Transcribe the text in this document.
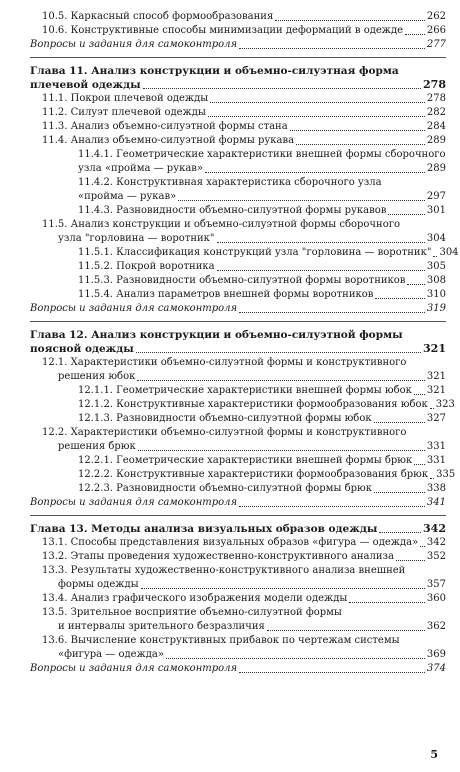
10.5. Каркасный способ формообразования	262
10.6. Конструктивные способы минимизации деформаций в одежде 266
Вопросы и задания для самоконтроля	277
Глава 11. Анализ конструкции и объемно-силуэтная форма
плечевой одежды	278
11.1. Покрои плечевой одежды	278
11.2. Силуэт плечевой одежды	282
11.3. Анализ объемно-силуэтной формы стана	284
11.4. Анализ объемно-силуэтной формы рукава	289
11.4.1. Геометрические характеристики внешней формы сборочного
узла «пройма — рукав»	289
11.4.2. Конструктивная характеристика сборочного узла
«пройма — рукав»	297
11.4.3. Разновидности объемно-силуэтной формы рукавов	301
11.5. Анализ конструкции и объемно-силуэтной формы сборочного
узла "горловина — воротник"	304
11.5.1. Классификация конструкций узла "горловина — воротник" 304
11.5.2. Покрой воротника	305
11.5.3. Разновидности объемно-силуэтной формы воротников 308
11.5.4. Анализ параметров внешней формы воротников	310
Вопросы и задания для самоконтроля	319
Глава 12. Анализ конструкции и объемно-силуэтной формы
поясной одежды	321
12.1. Характеристики объемно-силуэтной формы и конструктивного
решения юбок	321
12.1.1. Геометрические характеристики внешней формы юбок 321
12.1.2. Конструктивные характеристики формообразования юбок 323
12.1.3. Разновидности объемно-силуэтной формы юбок	327
12.2. Характеристики объемно-силуэтной формы и конструктивного
решения брюк	331
12.2.1. Геометрические характеристики внешней формы брюк 331
12.2.2. Конструктивные характеристики формообразования брюк 335
12.2.3. Разновидности объемно-силуэтной формы брюк	338
Вопросы и задания для самоконтроля	341
Глава 13. Методы анализа визуальных образов одежды	342
13.1. Способы представления визуальных образов «фигура — одежда» 342
13.2. Этапы проведения художественно-конструктивного анализа	352
13.3. Результаты художественно-конструктивного анализа внешней
формы одежды	357
13.4. Анализ графического изображения модели одежды	360
13.5. Зрительное восприятие объемно-силуэтной формы
и интервалы зрительного безразличия	362
13.6. Вычисление конструктивных прибавок по чертежам системы
«фигура — одежда»	369
Вопросы и задания для самоконтроля	374
5
